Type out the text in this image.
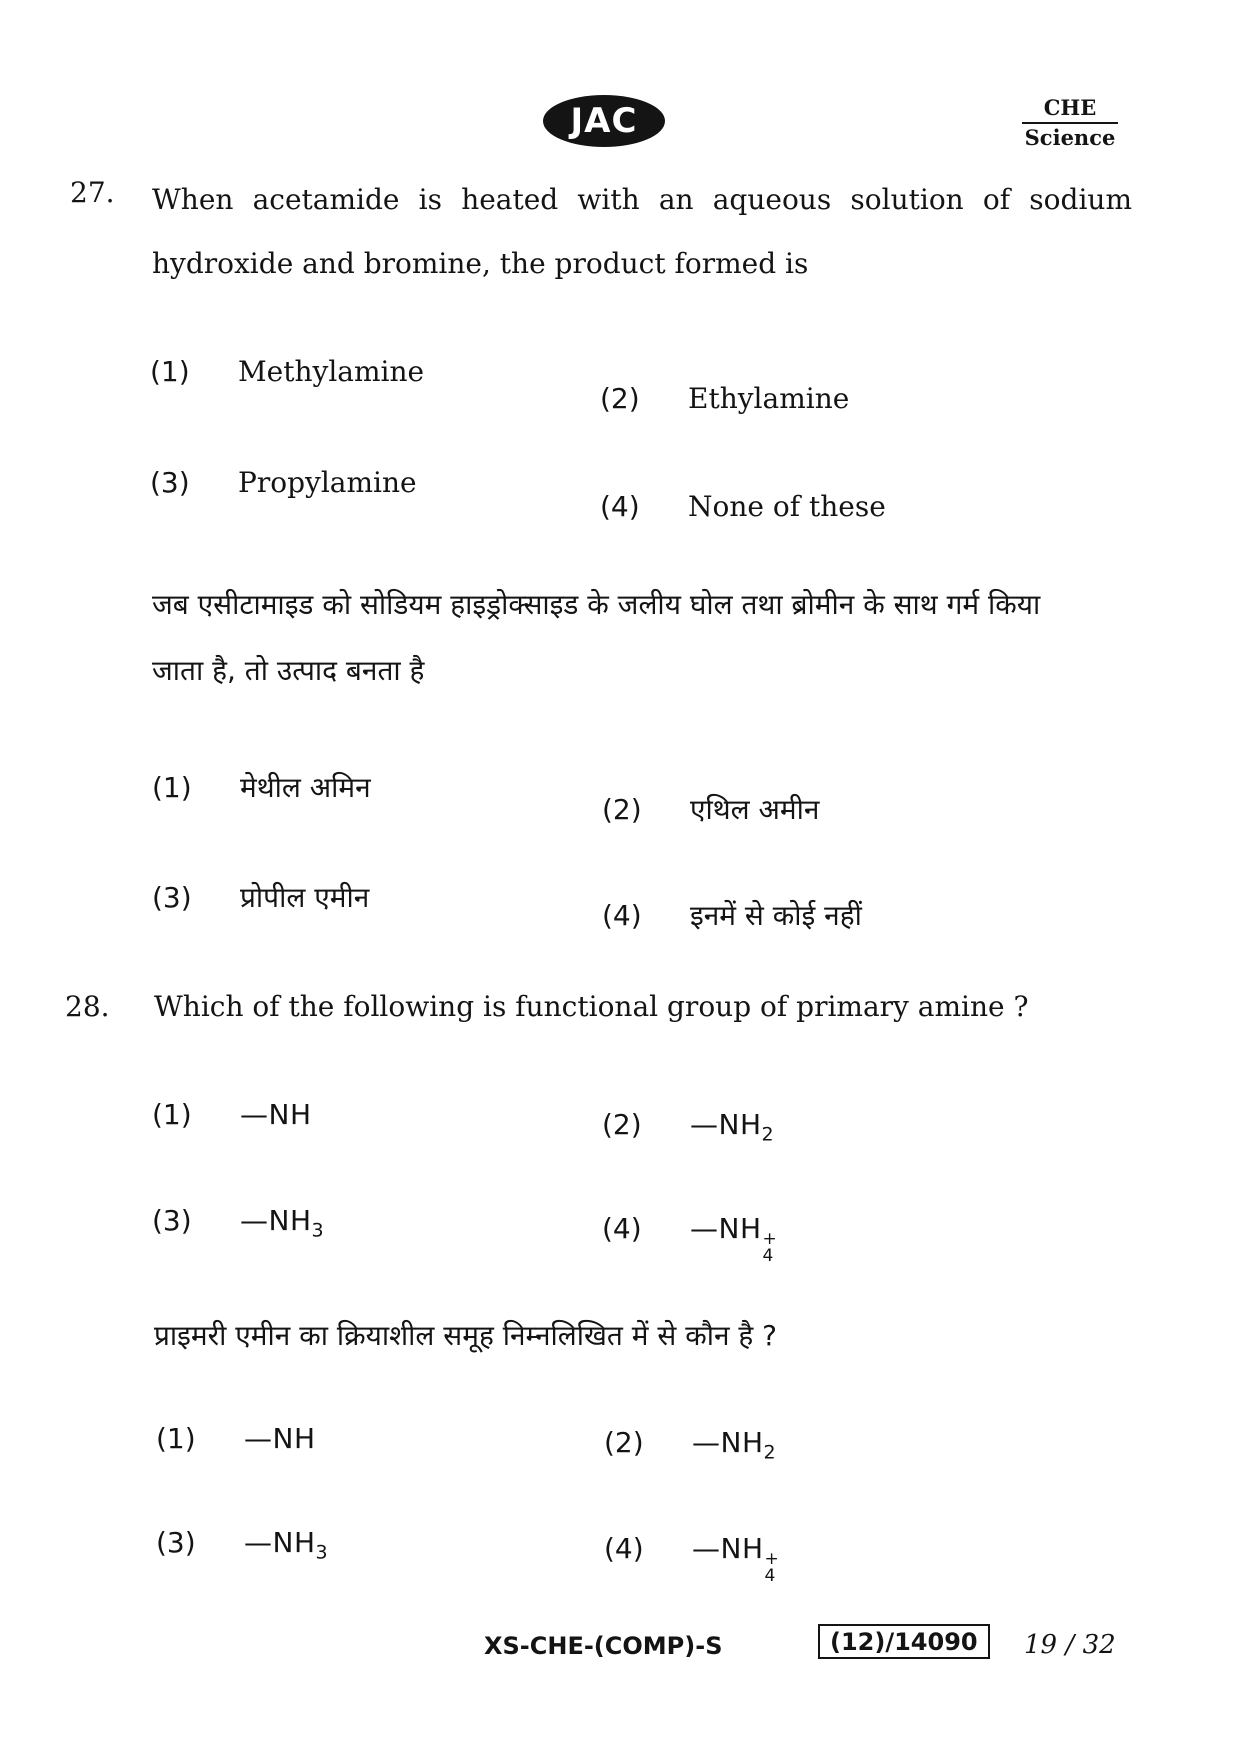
JAC	CHE
Science
27. When acetamide is heated with an aqueous solution of sodium
hydroxide and bromine, the product formed is
(1) Methylamine
(2) Ethylamine
(3) Propylamine
(4) None of these
जब एसीटामाइड को सोडियम हाइड्रोक्साइड के जलीय घोल तथा ब्रोमीन के साथ गर्म किया
जाता है, तो उत्पाद बनता है
(1) मेथील अमिन
(2) एथिल अमीन
(3) प्रोपील एमीन
(4) इनमें से कोई नहीं
28. Which of the following is functional group of primary amine ?
(1) —NH	(2) $—NH_2$
(3) $—NH_3$	(4) —NH +
4
प्राइमरी एमीन का क्रियाशील समूह निम्नलिखित में से कौन है ?
(1) —NH	(2) $—NH_2$
(3) $—NH_3$	(4) —NH +
4
XS-CHE-(COMP)-S	(12)/14090	19 / 32
